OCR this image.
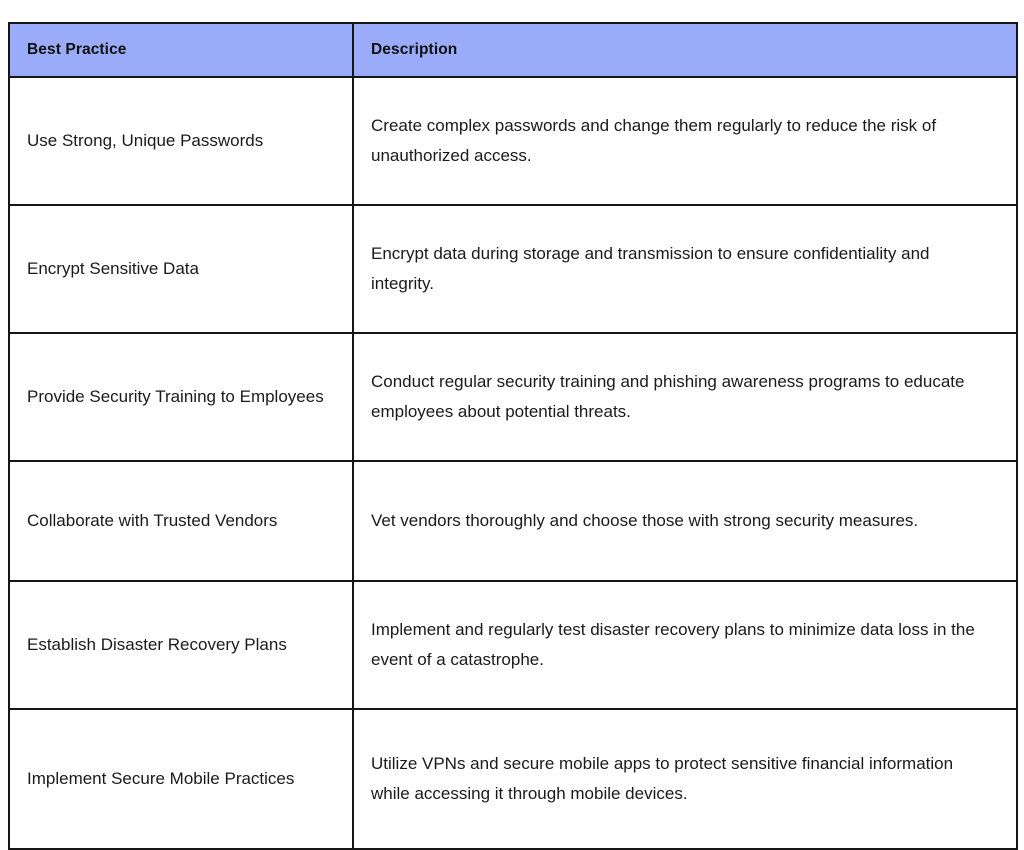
Best Practice	Description
Use Strong, Unique Passwords	Create complex passwords and change them regularly to reduce the risk of unauthorized access.
Encrypt Sensitive Data	Encrypt data during storage and transmission to ensure confidentiality and integrity.
Provide Security Training to Employees	Conduct regular security training and phishing awareness programs to educate employees about potential threats.
Collaborate with Trusted Vendors	Vet vendors thoroughly and choose those with strong security measures.
Establish Disaster Recovery Plans	Implement and regularly test disaster recovery plans to minimize data loss in the event of a catastrophe.
Implement Secure Mobile Practices	Utilize VPNs and secure mobile apps to protect sensitive financial information while accessing it through mobile devices.
